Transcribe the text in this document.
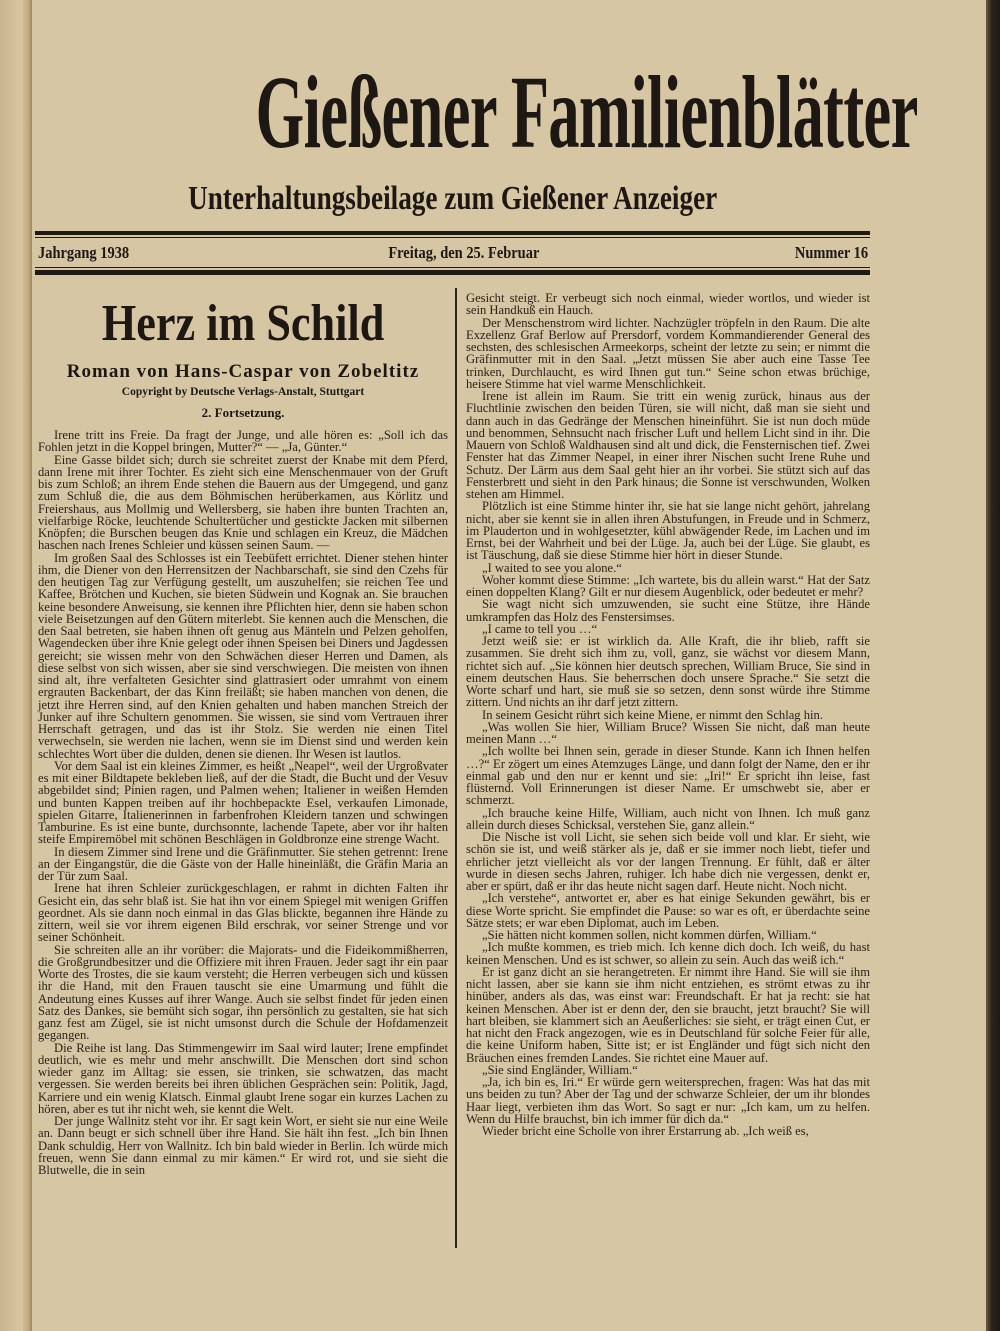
Gießener Familienblätter
Unterhaltungsbeilage zum Gießener Anzeiger
Jahrgang 1938	Freitag, den 25. Februar	Nummer 16
Herz im Schild
Roman von Hans-Caspar von Zobeltitz
Copyright by Deutsche Verlags-Anstalt, Stuttgart
2. Fortsetzung.

Irene tritt ins Freie. Da fragt der Junge, und alle hören es: „Soll ich das Fohlen jetzt in die Koppel bringen, Mutter?“ — „Ja, Günter.“

Eine Gasse bildet sich; durch sie schreitet zuerst der Knabe mit dem Pferd, dann Irene mit ihrer Tochter. Es zieht sich eine Menschenmauer von der Gruft bis zum Schloß; an ihrem Ende stehen die Bauern aus der Umgegend, und ganz zum Schluß die, die aus dem Böhmischen herüberkamen, aus Körlitz und Freiershaus, aus Mollmig und Wellersberg, sie haben ihre bunten Trachten an, vielfarbige Röcke, leuchtende Schultertücher und gestickte Jacken mit silbernen Knöpfen; die Burschen beugen das Knie und schlagen ein Kreuz, die Mädchen haschen nach Irenes Schleier und küssen seinen Saum. —

Im großen Saal des Schlosses ist ein Teebüfett errichtet. Diener stehen hinter ihm, die Diener von den Herrensitzen der Nachbarschaft, sie sind den Czehs für den heutigen Tag zur Verfügung gestellt, um auszuhelfen; sie reichen Tee und Kaffee, Brötchen und Kuchen, sie bieten Südwein und Kognak an. Sie brauchen keine besondere Anweisung, sie kennen ihre Pflichten hier, denn sie haben schon viele Beisetzungen auf den Gütern miterlebt. Sie kennen auch die Menschen, die den Saal betreten, sie haben ihnen oft genug aus Mänteln und Pelzen geholfen, Wagendecken über ihre Knie gelegt oder ihnen Speisen bei Diners und Jagdessen gereicht; sie wissen mehr von den Schwächen dieser Herren und Damen, als diese selbst von sich wissen, aber sie sind verschwiegen. Die meisten von ihnen sind alt, ihre verfalteten Gesichter sind glattrasiert oder umrahmt von einem ergrauten Backenbart, der das Kinn freiläßt; sie haben manchen von denen, die jetzt ihre Herren sind, auf den Knien gehalten und haben manchen Streich der Junker auf ihre Schultern genommen. Sie wissen, sie sind vom Vertrauen ihrer Herrschaft getragen, und das ist ihr Stolz. Sie werden nie einen Titel verwechseln, sie werden nie lachen, wenn sie im Dienst sind und werden kein schlechtes Wort über die dulden, denen sie dienen. Ihr Wesen ist lautlos.

Vor dem Saal ist ein kleines Zimmer, es heißt „Neapel“, weil der Urgroßvater es mit einer Bildtapete bekleben ließ, auf der die Stadt, die Bucht und der Vesuv abgebildet sind; Pinien ragen, und Palmen wehen; Italiener in weißen Hemden und bunten Kappen treiben auf ihr hochbepackte Esel, verkaufen Limonade, spielen Gitarre, Italienerinnen in farbenfrohen Kleidern tanzen und schwingen Tamburine. Es ist eine bunte, durchsonnte, lachende Tapete, aber vor ihr halten steife Empiremöbel mit schönen Beschlägen in Goldbronze eine strenge Wacht.

In diesem Zimmer sind Irene und die Gräfinmutter. Sie stehen getrennt: Irene an der Eingangstür, die die Gäste von der Halle hineinläßt, die Gräfin Maria an der Tür zum Saal.

Irene hat ihren Schleier zurückgeschlagen, er rahmt in dichten Falten ihr Gesicht ein, das sehr blaß ist. Sie hat ihn vor einem Spiegel mit wenigen Griffen geordnet. Als sie dann noch einmal in das Glas blickte, begannen ihre Hände zu zittern, weil sie vor ihrem eigenen Bild erschrak, vor seiner Strenge und vor seiner Schönheit.

Sie schreiten alle an ihr vorüber: die Majorats- und die Fideikommißherren, die Großgrundbesitzer und die Offiziere mit ihren Frauen. Jeder sagt ihr ein paar Worte des Trostes, die sie kaum versteht; die Herren verbeugen sich und küssen ihr die Hand, mit den Frauen tauscht sie eine Umarmung und fühlt die Andeutung eines Kusses auf ihrer Wange. Auch sie selbst findet für jeden einen Satz des Dankes, sie bemüht sich sogar, ihn persönlich zu gestalten, sie hat sich ganz fest am Zügel, sie ist nicht umsonst durch die Schule der Hofdamenzeit gegangen.

Die Reihe ist lang. Das Stimmengewirr im Saal wird lauter; Irene empfindet deutlich, wie es mehr und mehr anschwillt. Die Menschen dort sind schon wieder ganz im Alltag: sie essen, sie trinken, sie schwatzen, das macht vergessen. Sie werden bereits bei ihren üblichen Gesprächen sein: Politik, Jagd, Karriere und ein wenig Klatsch. Einmal glaubt Irene sogar ein kurzes Lachen zu hören, aber es tut ihr nicht weh, sie kennt die Welt.

Der junge Wallnitz steht vor ihr. Er sagt kein Wort, er sieht sie nur eine Weile an. Dann beugt er sich schnell über ihre Hand. Sie hält ihn fest. „Ich bin Ihnen Dank schuldig, Herr von Wallnitz. Ich bin bald wieder in Berlin. Ich würde mich freuen, wenn Sie dann einmal zu mir kämen.“ Er wird rot, und sie sieht die Blutwelle, die in sein

Gesicht steigt. Er verbeugt sich noch einmal, wieder wortlos, und wieder ist sein Handkuß ein Hauch.

Der Menschenstrom wird lichter. Nachzügler tröpfeln in den Raum. Die alte Exzellenz Graf Berlow auf Prersdorf, vordem Kommandierender General des sechsten, des schlesischen Armeekorps, scheint der letzte zu sein; er nimmt die Gräfinmutter mit in den Saal. „Jetzt müssen Sie aber auch eine Tasse Tee trinken, Durchlaucht, es wird Ihnen gut tun.“ Seine schon etwas brüchige, heisere Stimme hat viel warme Menschlichkeit.

Irene ist allein im Raum. Sie tritt ein wenig zurück, hinaus aus der Fluchtlinie zwischen den beiden Türen, sie will nicht, daß man sie sieht und dann auch in das Gedränge der Menschen hineinführt. Sie ist nun doch müde und benommen, Sehnsucht nach frischer Luft und hellem Licht sind in ihr. Die Mauern von Schloß Waldhausen sind alt und dick, die Fensternischen tief. Zwei Fenster hat das Zimmer Neapel, in einer ihrer Nischen sucht Irene Ruhe und Schutz. Der Lärm aus dem Saal geht hier an ihr vorbei. Sie stützt sich auf das Fensterbrett und sieht in den Park hinaus; die Sonne ist verschwunden, Wolken stehen am Himmel.

Plötzlich ist eine Stimme hinter ihr, sie hat sie lange nicht gehört, jahrelang nicht, aber sie kennt sie in allen ihren Abstufungen, in Freude und in Schmerz, im Plauderton und in wohlgesetzter, kühl abwägender Rede, im Lachen und im Ernst, bei der Wahrheit und bei der Lüge. Ja, auch bei der Lüge. Sie glaubt, es ist Täuschung, daß sie diese Stimme hier hört in dieser Stunde.

„I waited to see you alone.“

Woher kommt diese Stimme: „Ich wartete, bis du allein warst.“ Hat der Satz einen doppelten Klang? Gilt er nur diesem Augenblick, oder bedeutet er mehr?

Sie wagt nicht sich umzuwenden, sie sucht eine Stütze, ihre Hände umkrampfen das Holz des Fenstersimses.

„I came to tell you …“

Jetzt weiß sie: er ist wirklich da. Alle Kraft, die ihr blieb, rafft sie zusammen. Sie dreht sich ihm zu, voll, ganz, sie wächst vor diesem Mann, richtet sich auf. „Sie können hier deutsch sprechen, William Bruce, Sie sind in einem deutschen Haus. Sie beherrschen doch unsere Sprache.“ Sie setzt die Worte scharf und hart, sie muß sie so setzen, denn sonst würde ihre Stimme zittern. Und nichts an ihr darf jetzt zittern.

In seinem Gesicht rührt sich keine Miene, er nimmt den Schlag hin.

„Was wollen Sie hier, William Bruce? Wissen Sie nicht, daß man heute meinen Mann …“

„Ich wollte bei Ihnen sein, gerade in dieser Stunde. Kann ich Ihnen helfen …?“ Er zögert um eines Atemzuges Länge, und dann folgt der Name, den er ihr einmal gab und den nur er kennt und sie: „Iri!“ Er spricht ihn leise, fast flüsternd. Voll Erinnerungen ist dieser Name. Er umschwebt sie, aber er schmerzt.

„Ich brauche keine Hilfe, William, auch nicht von Ihnen. Ich muß ganz allein durch dieses Schicksal, verstehen Sie, ganz allein.“

Die Nische ist voll Licht, sie sehen sich beide voll und klar. Er sieht, wie schön sie ist, und weiß stärker als je, daß er sie immer noch liebt, tiefer und ehrlicher jetzt vielleicht als vor der langen Trennung. Er fühlt, daß er älter wurde in diesen sechs Jahren, ruhiger. Ich habe dich nie vergessen, denkt er, aber er spürt, daß er ihr das heute nicht sagen darf. Heute nicht. Noch nicht.

„Ich verstehe“, antwortet er, aber es hat einige Sekunden gewährt, bis er diese Worte spricht. Sie empfindet die Pause: so war es oft, er überdachte seine Sätze stets; er war eben Diplomat, auch im Leben.

„Sie hätten nicht kommen sollen, nicht kommen dürfen, William.“

„Ich mußte kommen, es trieb mich. Ich kenne dich doch. Ich weiß, du hast keinen Menschen. Und es ist schwer, so allein zu sein. Auch das weiß ich.“

Er ist ganz dicht an sie herangetreten. Er nimmt ihre Hand. Sie will sie ihm nicht lassen, aber sie kann sie ihm nicht entziehen, es strömt etwas zu ihr hinüber, anders als das, was einst war: Freundschaft. Er hat ja recht: sie hat keinen Menschen. Aber ist er denn der, den sie braucht, jetzt braucht? Sie will hart bleiben, sie klammert sich an Aeußerliches: sie sieht, er trägt einen Cut, er hat nicht den Frack angezogen, wie es in Deutschland für solche Feier für alle, die keine Uniform haben, Sitte ist; er ist Engländer und fügt sich nicht den Bräuchen eines fremden Landes. Sie richtet eine Mauer auf.

„Sie sind Engländer, William.“

„Ja, ich bin es, Iri.“ Er würde gern weitersprechen, fragen: Was hat das mit uns beiden zu tun? Aber der Tag und der schwarze Schleier, der um ihr blondes Haar liegt, verbieten ihm das Wort. So sagt er nur: „Ich kam, um zu helfen. Wenn du Hilfe brauchst, bin ich immer für dich da.“

Wieder bricht eine Scholle von ihrer Erstarrung ab. „Ich weiß es,
